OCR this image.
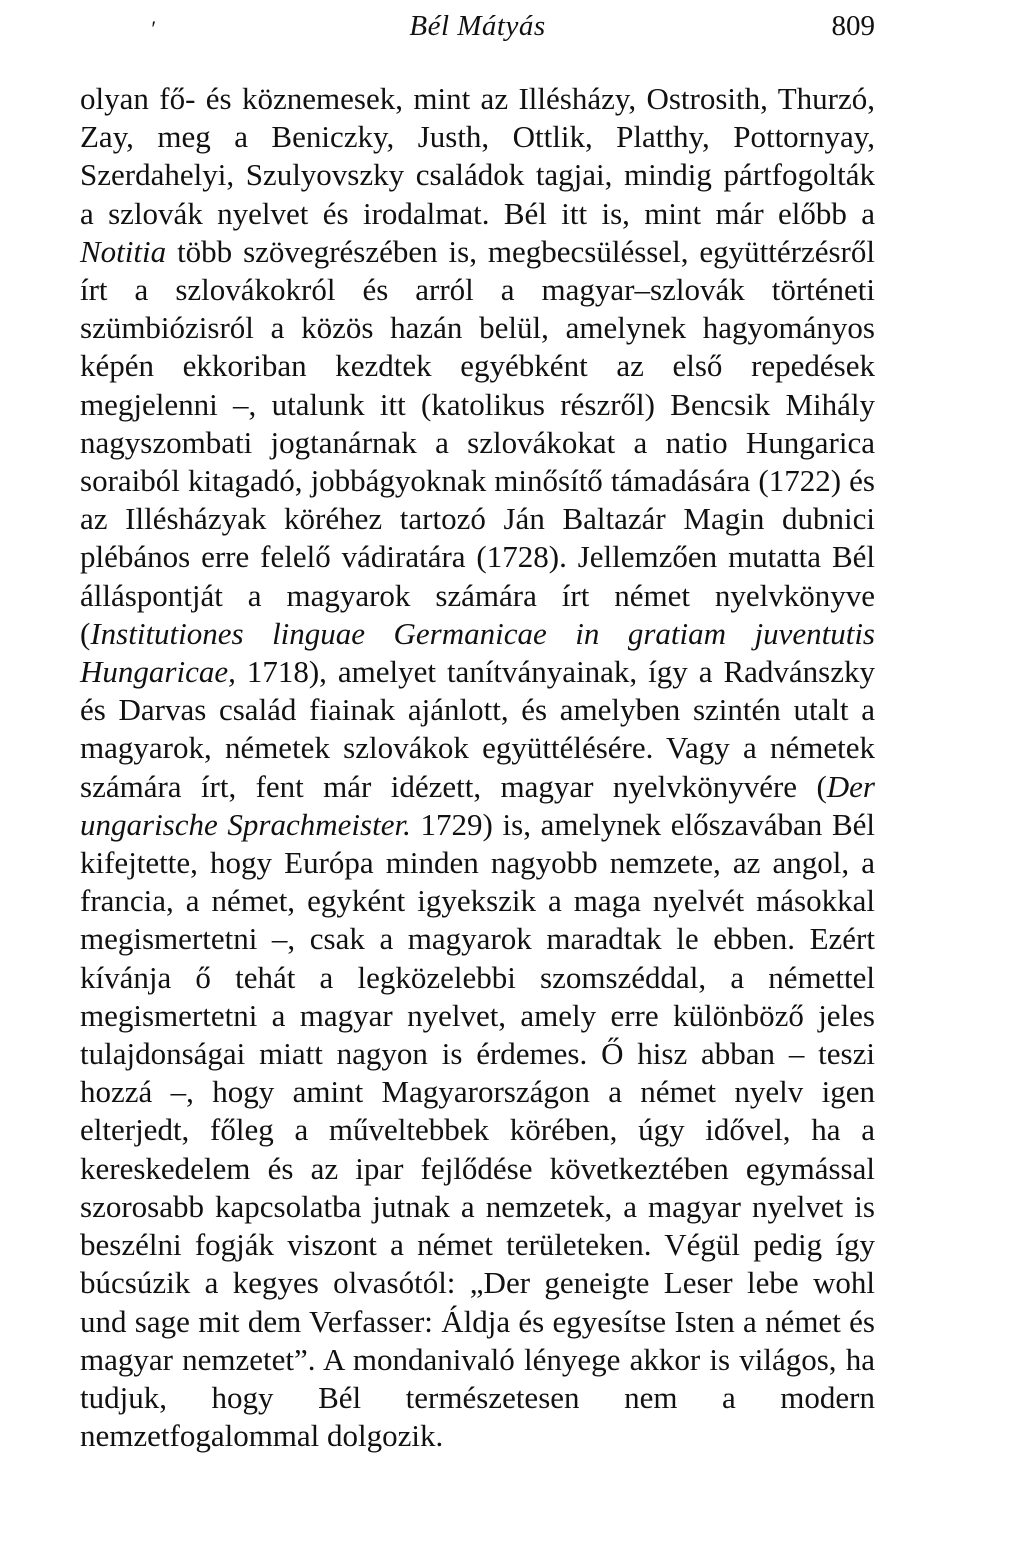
′	Bél Mátyás	809

olyan fő- és köznemesek, mint az Illésházy, Ostrosith, Thurzó, Zay, meg a Beniczky, Justh, Ottlik, Platthy, Pottornyay, Szerdahelyi, Szulyovszky családok tagjai, mindig pártfogolták a szlovák nyelvet és irodalmat. Bél itt is, mint már előbb a Notitia több szövegrészében is, megbecsüléssel, együttérzésről írt a szlovákokról és arról a magyar–szlovák történeti szümbiózisról a közös hazán belül, amelynek hagyományos képén ekkoriban kezdtek egyébként az első repedések megjelenni –, utalunk itt (katolikus részről) Bencsik Mihály nagyszombati jogtanárnak a szlovákokat a natio Hungarica soraiból kitagadó, jobbágyoknak minősítő támadására (1722) és az Illésházyak köréhez tartozó Ján Baltazár Magin dubnici plébános erre felelő vádiratára (1728). Jellemzően mutatta Bél álláspontját a magyarok számára írt német nyelvkönyve (Institutiones linguae Germanicae in gratiam juventutis Hungaricae, 1718), amelyet tanítványainak, így a Radvánszky és Darvas család fiainak ajánlott, és amelyben szintén utalt a magyarok, németek szlovákok együttélésére. Vagy a németek számára írt, fent már idézett, magyar nyelvkönyvére (Der ungarische Sprachmeister. 1729) is, amelynek előszavában Bél kifejtette, hogy Európa minden nagyobb nemzete, az angol, a francia, a német, egyként igyekszik a maga nyelvét másokkal megismertetni –, csak a magyarok maradtak le ebben. Ezért kívánja ő tehát a legközelebbi szomszéddal, a némettel megismertetni a magyar nyelvet, amely erre különböző jeles tulajdonságai miatt nagyon is érdemes. Ő hisz abban – teszi hozzá –, hogy amint Magyarországon a német nyelv igen elterjedt, főleg a műveltebbek körében, úgy idővel, ha a kereskedelem és az ipar fejlődése következtében egymással szorosabb kapcsolatba jutnak a nemzetek, a magyar nyelvet is beszélni fogják viszont a német területeken. Végül pedig így búcsúzik a kegyes olvasótól: „Der geneigte Leser lebe wohl und sage mit dem Verfasser: Áldja és egyesítse Isten a német és magyar nemzetet”. A mondanivaló lényege akkor is világos, ha tudjuk, hogy Bél természetesen nem a modern nemzetfogalommal dolgozik.
